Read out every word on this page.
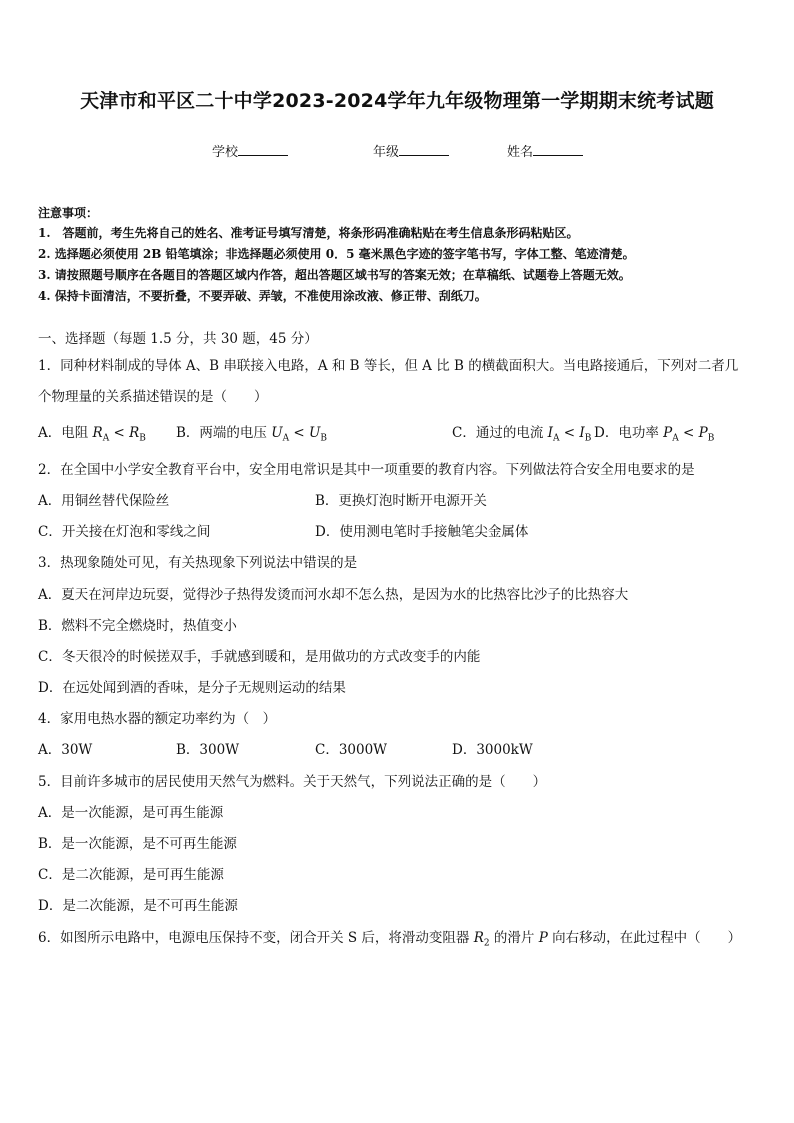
天津市和平区二十中学2023-2024学年九年级物理第一学期期末统考试题
学校	年级	姓名
注意事项：
1.　答题前，考生先将自己的姓名、准考证号填写清楚，将条形码准确粘贴在考生信息条形码粘贴区。
2. 选择题必须使用 2B 铅笔填涂；非选择题必须使用 0．5 毫米黑色字迹的签字笔书写，字体工整、笔迹清楚。
3. 请按照题号顺序在各题目的答题区域内作答，超出答题区域书写的答案无效；在草稿纸、试题卷上答题无效。
4. 保持卡面清洁，不要折叠，不要弄破、弄皱，不准使用涂改液、修正带、刮纸刀。
一、选择题（每题 1.5 分，共 30 题，45 分）
1．同种材料制成的导体 A、B 串联接入电路，A 和 B 等长，但 A 比 B 的横截面积大。当电路接通后，下列对二者几
个物理量的关系描述错误的是（　　）
A．电阻 $R_A < R_B$ B．两端的电压 $U_A < U_B$	C．通过的电流 $I_A < I_B$ D．电功率 $P_A < P_B$
2．在全国中小学安全教育平台中，安全用电常识是其中一项重要的教育内容。下列做法符合安全用电要求的是
A．用铜丝替代保险丝	B．更换灯泡时断开电源开关
C．开关接在灯泡和零线之间	D．使用测电笔时手接触笔尖金属体
3．热现象随处可见，有关热现象下列说法中错误的是
A．夏天在河岸边玩耍，觉得沙子热得发烫而河水却不怎么热，是因为水的比热容比沙子的比热容大
B．燃料不完全燃烧时，热值变小
C．冬天很冷的时候搓双手，手就感到暖和，是用做功的方式改变手的内能
D．在远处闻到酒的香味，是分子无规则运动的结果
4．家用电热水器的额定功率约为（　）
A．30W	B．300W	C．3000W	D．3000kW
5．目前许多城市的居民使用天然气为燃料。关于天然气，下列说法正确的是（　　）
A．是一次能源，是可再生能源
B．是一次能源，是不可再生能源
C．是二次能源，是可再生能源
D．是二次能源，是不可再生能源
6．如图所示电路中，电源电压保持不变，闭合开关 S 后，将滑动变阻器 $R_2$ 的滑片 P 向右移动，在此过程中（　　）
